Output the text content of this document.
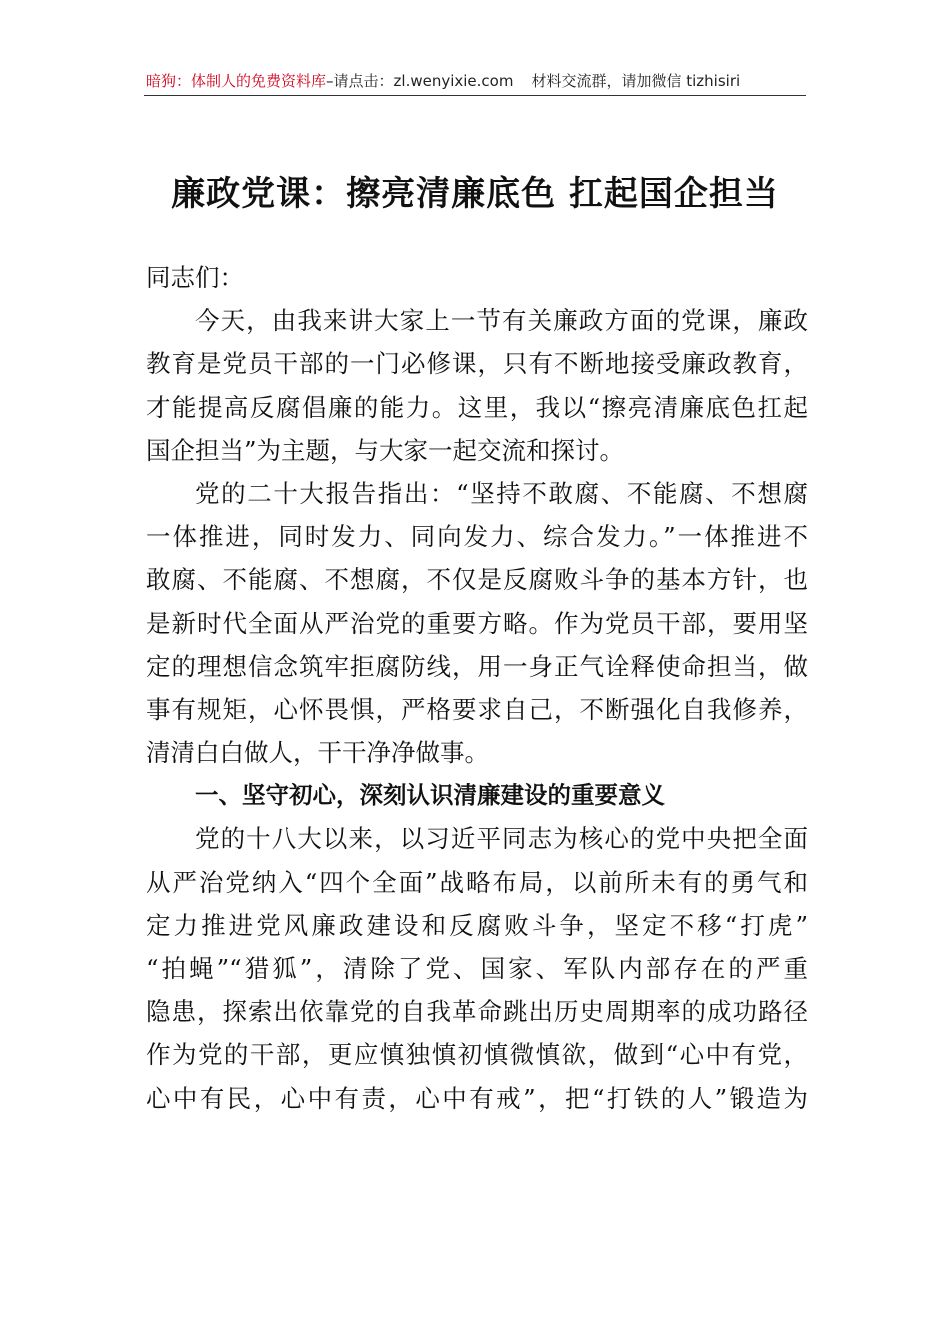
暗狗：体制人的免费资料库–请点击：zl.wenyixie.com 材料交流群，请加微信 tizhisiri
廉政党课：擦亮清廉底色 扛起国企担当
同志们：
今天，由我来讲大家上一节有关廉政方面的党课，廉政
教育是党员干部的一门必修课，只有不断地接受廉政教育，
才能提高反腐倡廉的能力。这里，我以“擦亮清廉底色扛起
国企担当”为主题，与大家一起交流和探讨。
党的二十大报告指出：“坚持不敢腐、不能腐、不想腐
一体推进，同时发力、同向发力、综合发力。”一体推进不
敢腐、不能腐、不想腐，不仅是反腐败斗争的基本方针，也
是新时代全面从严治党的重要方略。作为党员干部，要用坚
定的理想信念筑牢拒腐防线，用一身正气诠释使命担当，做
事有规矩，心怀畏惧，严格要求自己，不断强化自我修养，
清清白白做人，干干净净做事。
一、坚守初心，深刻认识清廉建设的重要意义
党的十八大以来，以习近平同志为核心的党中央把全面
从严治党纳入“四个全面”战略布局，以前所未有的勇气和
定力推进党风廉政建设和反腐败斗争，坚定不移“打虎”
“拍蝇”“猎狐”，清除了党、国家、军队内部存在的严重
隐患，探索出依靠党的自我革命跳出历史周期率的成功路径
作为党的干部，更应慎独慎初慎微慎欲，做到“心中有党，
心中有民，心中有责，心中有戒”，把“打铁的人”锻造为
